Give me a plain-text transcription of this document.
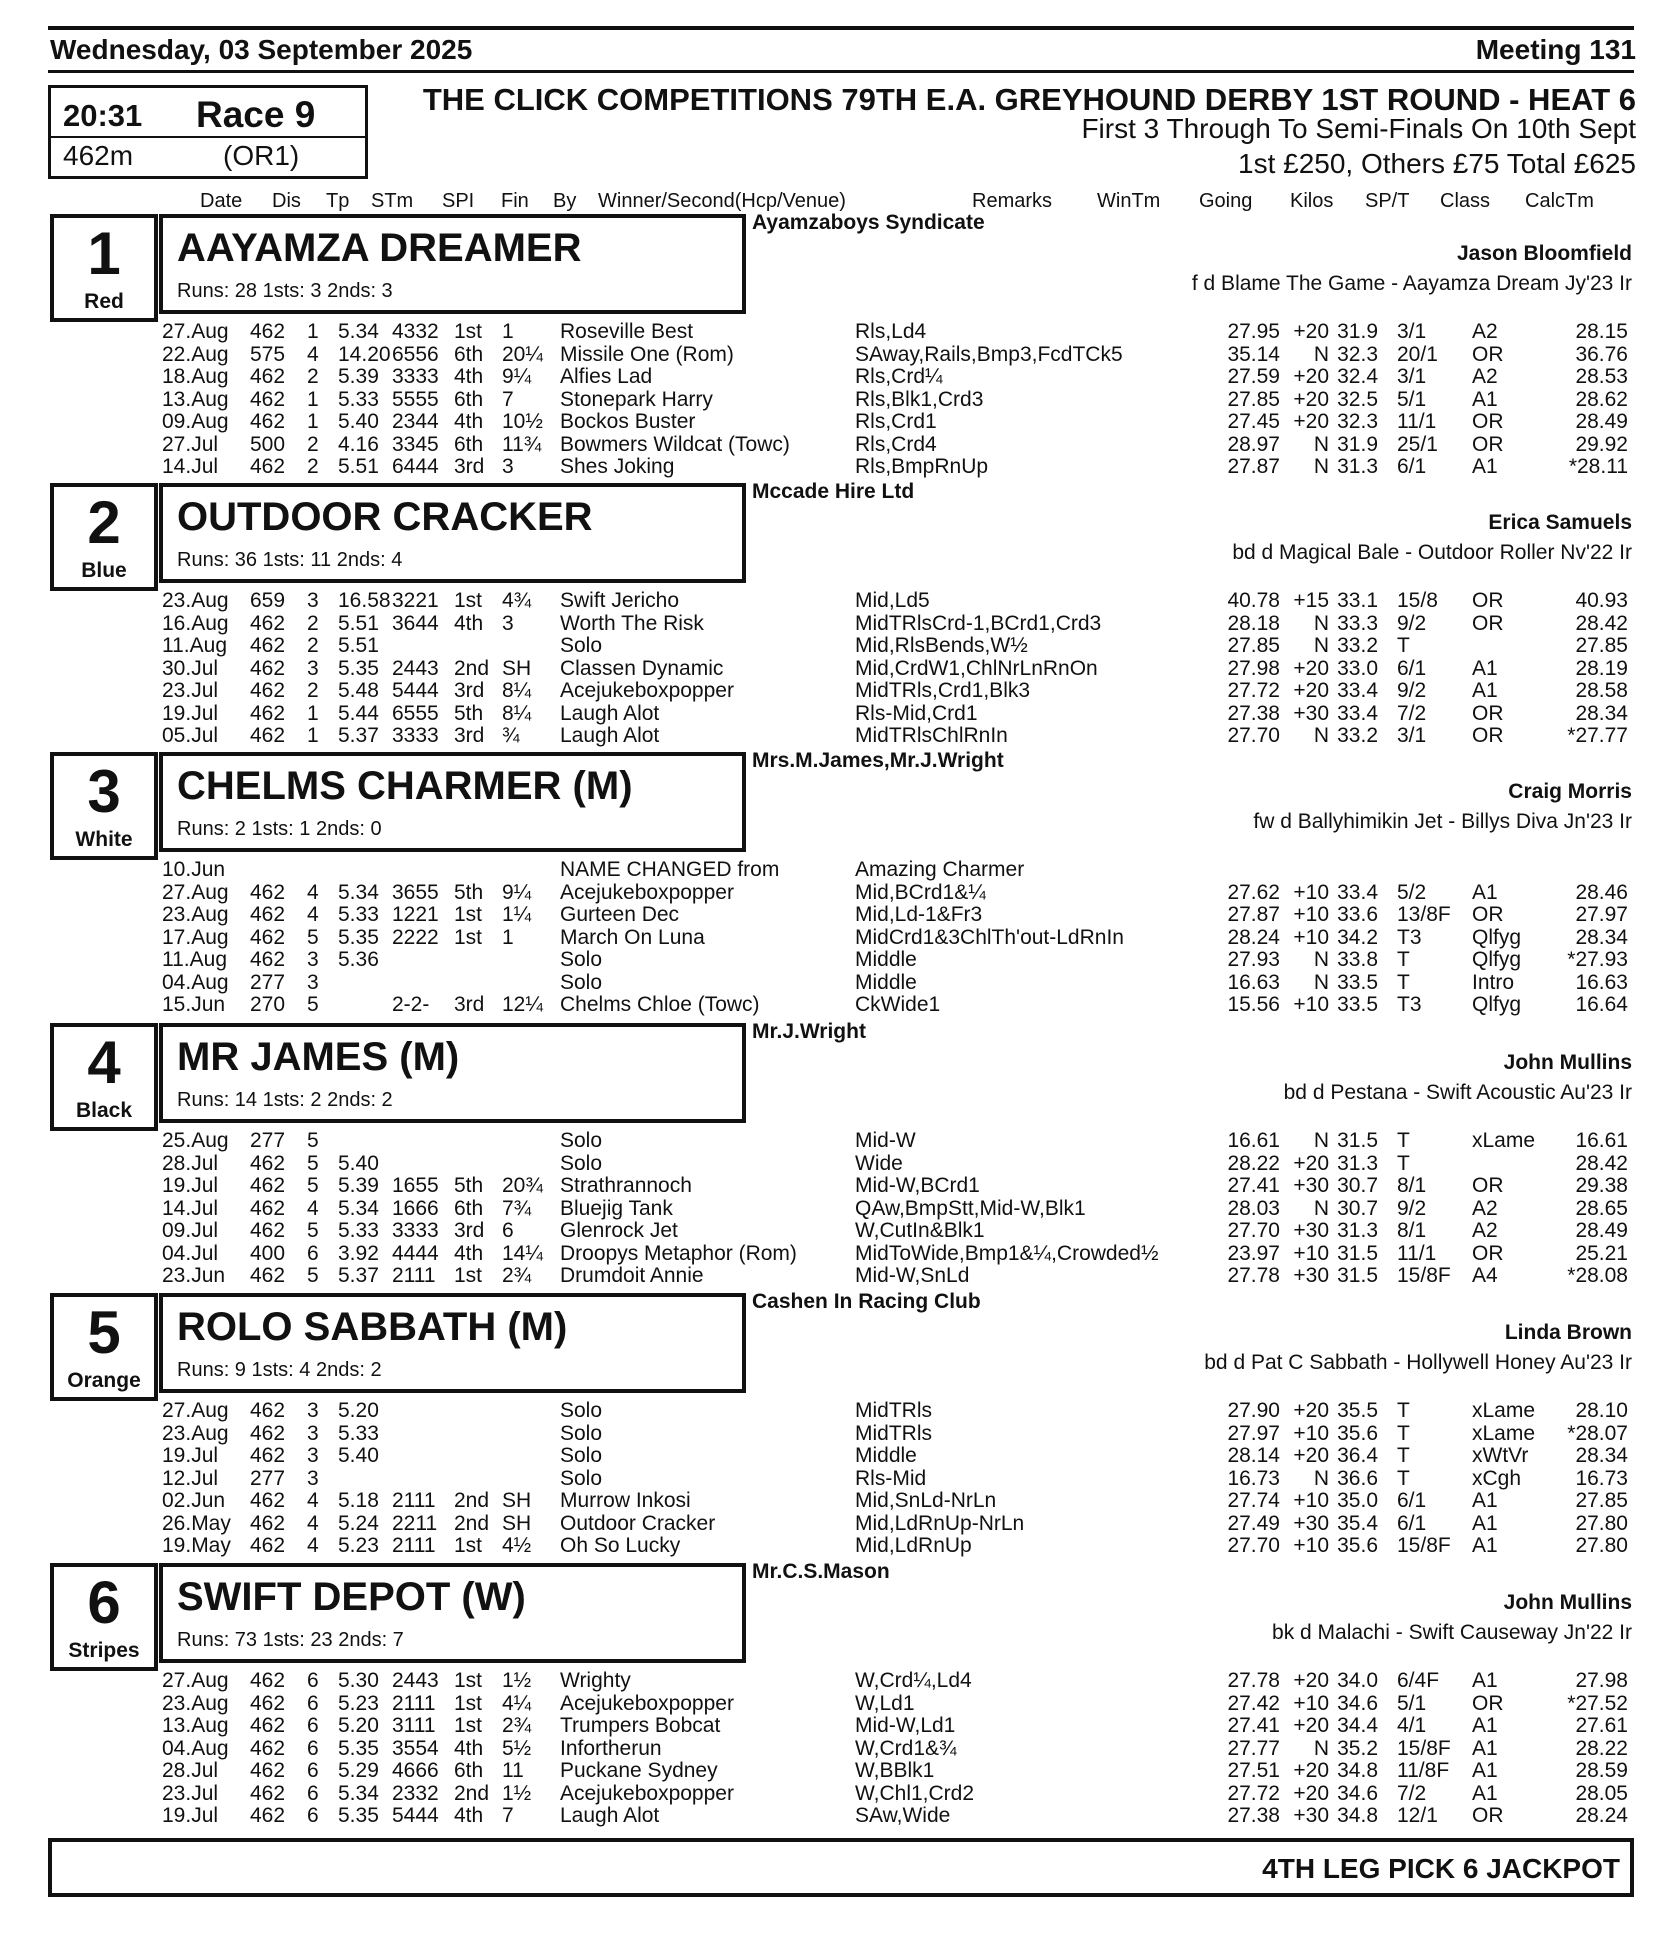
Wednesday, 03 September 2025	Meeting 131
20:31 Race 9
462m	(OR1)
THE CLICK COMPETITIONS 79TH E.A. GREYHOUND DERBY 1ST ROUND - HEAT 6
First 3 Through To Semi-Finals On 10th Sept
1st £250, Others £75 Total £625
Date Dis Tp STm SPI Fin By Winner/Second(Hcp/Venue)	Remarks WinTm Going Kilos SP/T Class CalcTm
1
Red
AAYAMZA DREAMER
Runs: 28 1sts: 3 2nds: 3
Ayamzaboys Syndicate
Jason Bloomfield
f d Blame The Game - Aayamza Dream Jy'23 Ir
27.Aug 462 1 5.34 4332 1st 1 Roseville Best	Rls,Ld4	27.95 +20 31.9 3/1 A2	28.15
22.Aug 575 4 14.20 6556 6th 20¼ Missile One (Rom)	SAway,Rails,Bmp3,FcdTCk5	35.14 N 32.3 20/1 OR	36.76
18.Aug 462 2 5.39 3333 4th 9¼ Alfies Lad	Rls,Crd¼	27.59 +20 32.4 3/1 A2	28.53
13.Aug 462 1 5.33 5555 6th 7 Stonepark Harry	Rls,Blk1,Crd3	27.85 +20 32.5 5/1 A1	28.62
09.Aug 462 1 5.40 2344 4th 10½ Bockos Buster	Rls,Crd1	27.45 +20 32.3 11/1 OR	28.49
27.Jul 500 2 4.16 3345 6th 11¾ Bowmers Wildcat (Towc)	Rls,Crd4	28.97 N 31.9 25/1 OR	29.92
14.Jul 462 2 5.51 6444 3rd 3 Shes Joking	Rls,BmpRnUp	27.87 N 31.3 6/1 A1	*28.11
2
Blue
OUTDOOR CRACKER
Runs: 36 1sts: 11 2nds: 4
Mccade Hire Ltd
Erica Samuels
bd d Magical Bale - Outdoor Roller Nv'22 Ir
23.Aug 659 3 16.58 3221 1st 4¾ Swift Jericho	Mid,Ld5	40.78 +15 33.1 15/8 OR	40.93
16.Aug 462 2 5.51 3644 4th 3 Worth The Risk	MidTRlsCrd-1,BCrd1,Crd3	28.18 N 33.3 9/2 OR	28.42
11.Aug 462 2 5.51	Solo	Mid,RlsBends,W½	27.85 N 33.2 T	27.85
30.Jul 462 3 5.35 2443 2nd SH Classen Dynamic	Mid,CrdW1,ChlNrLnRnOn	27.98 +20 33.0 6/1 A1	28.19
23.Jul 462 2 5.48 5444 3rd 8¼ Acejukeboxpopper	MidTRls,Crd1,Blk3	27.72 +20 33.4 9/2 A1	28.58
19.Jul 462 1 5.44 6555 5th 8¼ Laugh Alot	Rls-Mid,Crd1	27.38 +30 33.4 7/2 OR	28.34
05.Jul 462 1 5.37 3333 3rd ¾ Laugh Alot	MidTRlsChlRnIn	27.70 N 33.2 3/1 OR	*27.77
3
White
CHELMS CHARMER (M)
Runs: 2 1sts: 1 2nds: 0
Mrs.M.James,Mr.J.Wright
Craig Morris
fw d Ballyhimikin Jet - Billys Diva Jn'23 Ir
10.Jun	NAME CHANGED from	Amazing Charmer
27.Aug 462 4 5.34 3655 5th 9¼ Acejukeboxpopper	Mid,BCrd1&¼	27.62 +10 33.4 5/2 A1	28.46
23.Aug 462 4 5.33 1221 1st 1¼ Gurteen Dec	Mid,Ld-1&Fr3	27.87 +10 33.6 13/8F OR	27.97
17.Aug 462 5 5.35 2222 1st 1 March On Luna	MidCrd1&3ChlTh'out-LdRnIn	28.24 +10 34.2 T3 Qlfyg	28.34
11.Aug 462 3 5.36	Solo	Middle	27.93 N 33.8 T	Qlfyg *27.93
04.Aug 277 3	Solo	Middle	16.63 N 33.5 T	Intro	16.63
15.Jun 270 5	2-2- 3rd 12¼ Chelms Chloe (Towc)	CkWide1	15.56 +10 33.5 T3 Qlfyg	16.64
4
Black
MR JAMES (M)
Runs: 14 1sts: 2 2nds: 2
Mr.J.Wright
John Mullins
bd d Pestana - Swift Acoustic Au'23 Ir
25.Aug 277 5	Solo	Mid-W	16.61 N 31.5 T	xLame 16.61
28.Jul 462 5 5.40	Solo	Wide	28.22 +20 31.3 T	28.42
19.Jul 462 5 5.39 1655 5th 20¾ Strathrannoch	Mid-W,BCrd1	27.41 +30 30.7 8/1 OR	29.38
14.Jul 462 4 5.34 1666 6th 7¾ Bluejig Tank	QAw,BmpStt,Mid-W,Blk1	28.03 N 30.7 9/2 A2	28.65
09.Jul 462 5 5.33 3333 3rd 6 Glenrock Jet	W,CutIn&Blk1	27.70 +30 31.3 8/1 A2	28.49
04.Jul 400 6 3.92 4444 4th 14¼ Droopys Metaphor (Rom)	MidToWide,Bmp1&¼,Crowded½	23.97 +10 31.5 11/1 OR	25.21
23.Jun 462 5 5.37 2111 1st 2¾ Drumdoit Annie	Mid-W,SnLd	27.78 +30 31.5 15/8F A4	*28.08
5
Orange
ROLO SABBATH (M)
Runs: 9 1sts: 4 2nds: 2
Cashen In Racing Club
Linda Brown
bd d Pat C Sabbath - Hollywell Honey Au'23 Ir
27.Aug 462 3 5.20	Solo	MidTRls	27.90 +20 35.5 T	xLame 28.10
23.Aug 462 3 5.33	Solo	MidTRls	27.97 +10 35.6 T	xLame *28.07
19.Jul 462 3 5.40	Solo	Middle	28.14 +20 36.4 T	xWtVr 28.34
12.Jul 277 3	Solo	Rls-Mid	16.73 N 36.6 T	xCgh	16.73
02.Jun 462 4 5.18 2111 2nd SH Murrow Inkosi	Mid,SnLd-NrLn	27.74 +10 35.0 6/1 A1	27.85
26.May 462 4 5.24 2211 2nd SH Outdoor Cracker	Mid,LdRnUp-NrLn	27.49 +30 35.4 6/1 A1	27.80
19.May 462 4 5.23 2111 1st 4½ Oh So Lucky	Mid,LdRnUp	27.70 +10 35.6 15/8F A1	27.80
6
Stripes
SWIFT DEPOT (W)
Runs: 73 1sts: 23 2nds: 7
Mr.C.S.Mason
John Mullins
bk d Malachi - Swift Causeway Jn'22 Ir
27.Aug 462 6 5.30 2443 1st 1½ Wrighty	W,Crd¼,Ld4	27.78 +20 34.0 6/4F A1	27.98
23.Aug 462 6 5.23 2111 1st 4¼ Acejukeboxpopper	W,Ld1	27.42 +10 34.6 5/1 OR	*27.52
13.Aug 462 6 5.20 3111 1st 2¾ Trumpers Bobcat	Mid-W,Ld1	27.41 +20 34.4 4/1 A1	27.61
04.Aug 462 6 5.35 3554 4th 5½ Infortherun	W,Crd1&¾	27.77 N 35.2 15/8F A1	28.22
28.Jul 462 6 5.29 4666 6th 11 Puckane Sydney	W,BBlk1	27.51 +20 34.8 11/8F A1	28.59
23.Jul 462 6 5.34 2332 2nd 1½ Acejukeboxpopper	W,Chl1,Crd2	27.72 +20 34.6 7/2 A1	28.05
19.Jul 462 6 5.35 5444 4th 7 Laugh Alot	SAw,Wide	27.38 +30 34.8 12/1 OR	28.24
4TH LEG PICK 6 JACKPOT
